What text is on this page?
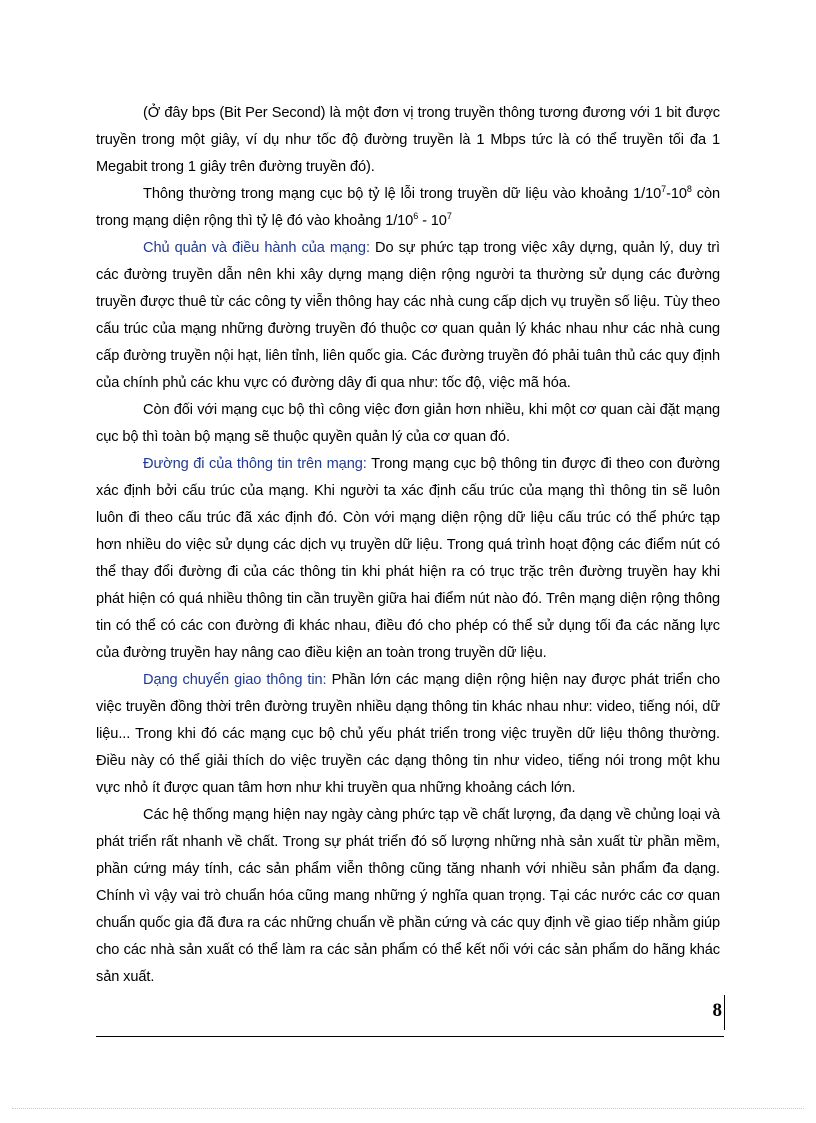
(Ở đây bps (Bit Per Second) là một đơn vị trong truyền thông tương đương với 1 bit được truyền trong một giây, ví dụ như tốc độ đường truyền là 1 Mbps tức là có thể truyền tối đa 1 Megabit trong 1 giây trên đường truyền đó).

Thông thường trong mạng cục bộ tỷ lệ lỗi trong truyền dữ liệu vào khoảng $1/10^7-10^8$ còn trong mạng diện rộng thì tỷ lệ đó vào khoảng $1/10^6 - 10^7$

Chủ quản và điều hành của mạng: Do sự phức tạp trong việc xây dựng, quản lý, duy trì các đường truyền dẫn nên khi xây dựng mạng diện rộng người ta thường sử dụng các đường truyền được thuê từ các công ty viễn thông hay các nhà cung cấp dịch vụ truyền số liệu. Tùy theo cấu trúc của mạng những đường truyền đó thuộc cơ quan quản lý khác nhau như các nhà cung cấp đường truyền nội hạt, liên tỉnh, liên quốc gia. Các đường truyền đó phải tuân thủ các quy định của chính phủ các khu vực có đường dây đi qua như: tốc độ, việc mã hóa.

Còn đối với mạng cục bộ thì công việc đơn giản hơn nhiều, khi một cơ quan cài đặt mạng cục bộ thì toàn bộ mạng sẽ thuộc quyền quản lý của cơ quan đó.

Đường đi của thông tin trên mạng: Trong mạng cục bộ thông tin được đi theo con đường xác định bởi cấu trúc của mạng. Khi người ta xác định cấu trúc của mạng thì thông tin sẽ luôn luôn đi theo cấu trúc đã xác định đó. Còn với mạng diện rộng dữ liệu cấu trúc có thể phức tạp hơn nhiều do việc sử dụng các dịch vụ truyền dữ liệu. Trong quá trình hoạt động các điểm nút có thể thay đổi đường đi của các thông tin khi phát hiện ra có trục trặc trên đường truyền hay khi phát hiện có quá nhiều thông tin cần truyền giữa hai điểm nút nào đó. Trên mạng diện rộng thông tin có thể có các con đường đi khác nhau, điều đó cho phép có thể sử dụng tối đa các năng lực của đường truyền hay nâng cao điều kiện an toàn trong truyền dữ liệu.

Dạng chuyển giao thông tin: Phần lớn các mạng diện rộng hiện nay được phát triển cho việc truyền đồng thời trên đường truyền nhiều dạng thông tin khác nhau như: video, tiếng nói, dữ liệu... Trong khi đó các mạng cục bộ chủ yếu phát triển trong việc truyền dữ liệu thông thường. Điều này có thể giải thích do việc truyền các dạng thông tin như video, tiếng nói trong một khu vực nhỏ ít được quan tâm hơn như khi truyền qua những khoảng cách lớn.

Các hệ thống mạng hiện nay ngày càng phức tạp về chất lượng, đa dạng về chủng loại và phát triển rất nhanh về chất. Trong sự phát triển đó số lượng những nhà sản xuất từ phần mềm, phần cứng máy tính, các sản phẩm viễn thông cũng tăng nhanh với nhiều sản phẩm đa dạng. Chính vì vậy vai trò chuẩn hóa cũng mang những ý nghĩa quan trọng. Tại các nước các cơ quan chuẩn quốc gia đã đưa ra các những chuẩn về phần cứng và các quy định về giao tiếp nhằm giúp cho các nhà sản xuất có thể làm ra các sản phẩm có thể kết nối với các sản phẩm do hãng khác sản xuất.

8
